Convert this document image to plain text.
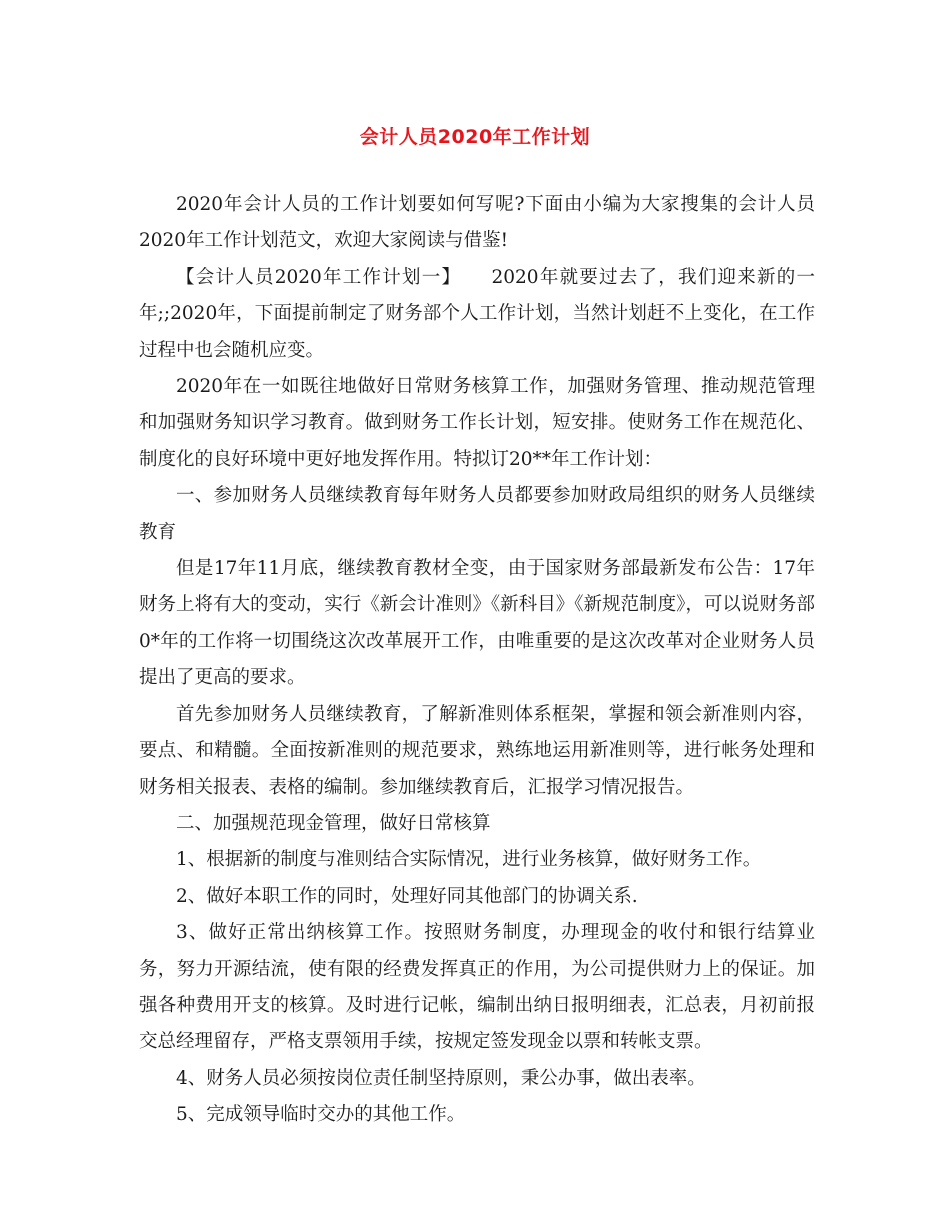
会计人员2020年工作计划

2020年会计人员的工作计划要如何写呢?下面由小编为大家搜集的会计人员2020年工作计划范文，欢迎大家阅读与借鉴!

【会计人员2020年工作计划一】　　2020年就要过去了，我们迎来新的一年;;2020年，下面提前制定了财务部个人工作计划，当然计划赶不上变化，在工作过程中也会随机应变。

2020年在一如既往地做好日常财务核算工作，加强财务管理、推动规范管理和加强财务知识学习教育。做到财务工作长计划，短安排。使财务工作在规范化、制度化的良好环境中更好地发挥作用。特拟订20**年工作计划：

一、参加财务人员继续教育每年财务人员都要参加财政局组织的财务人员继续教育

但是17年11月底，继续教育教材全变，由于国家财务部最新发布公告：17年财务上将有大的变动，实行《新会计准则》《新科目》《新规范制度》，可以说财务部0*年的工作将一切围绕这次改革展开工作，由唯重要的是这次改革对企业财务人员提出了更高的要求。

首先参加财务人员继续教育，了解新准则体系框架，掌握和领会新准则内容，要点、和精髓。全面按新准则的规范要求，熟练地运用新准则等，进行帐务处理和财务相关报表、表格的编制。参加继续教育后，汇报学习情况报告。

二、加强规范现金管理，做好日常核算

1、根据新的制度与准则结合实际情况，进行业务核算，做好财务工作。

2、做好本职工作的同时，处理好同其他部门的协调关系.

3、做好正常出纳核算工作。按照财务制度，办理现金的收付和银行结算业务，努力开源结流，使有限的经费发挥真正的作用，为公司提供财力上的保证。加强各种费用开支的核算。及时进行记帐，编制出纳日报明细表，汇总表，月初前报交总经理留存，严格支票领用手续，按规定签发现金以票和转帐支票。

4、财务人员必须按岗位责任制坚持原则，秉公办事，做出表率。

5、完成领导临时交办的其他工作。
